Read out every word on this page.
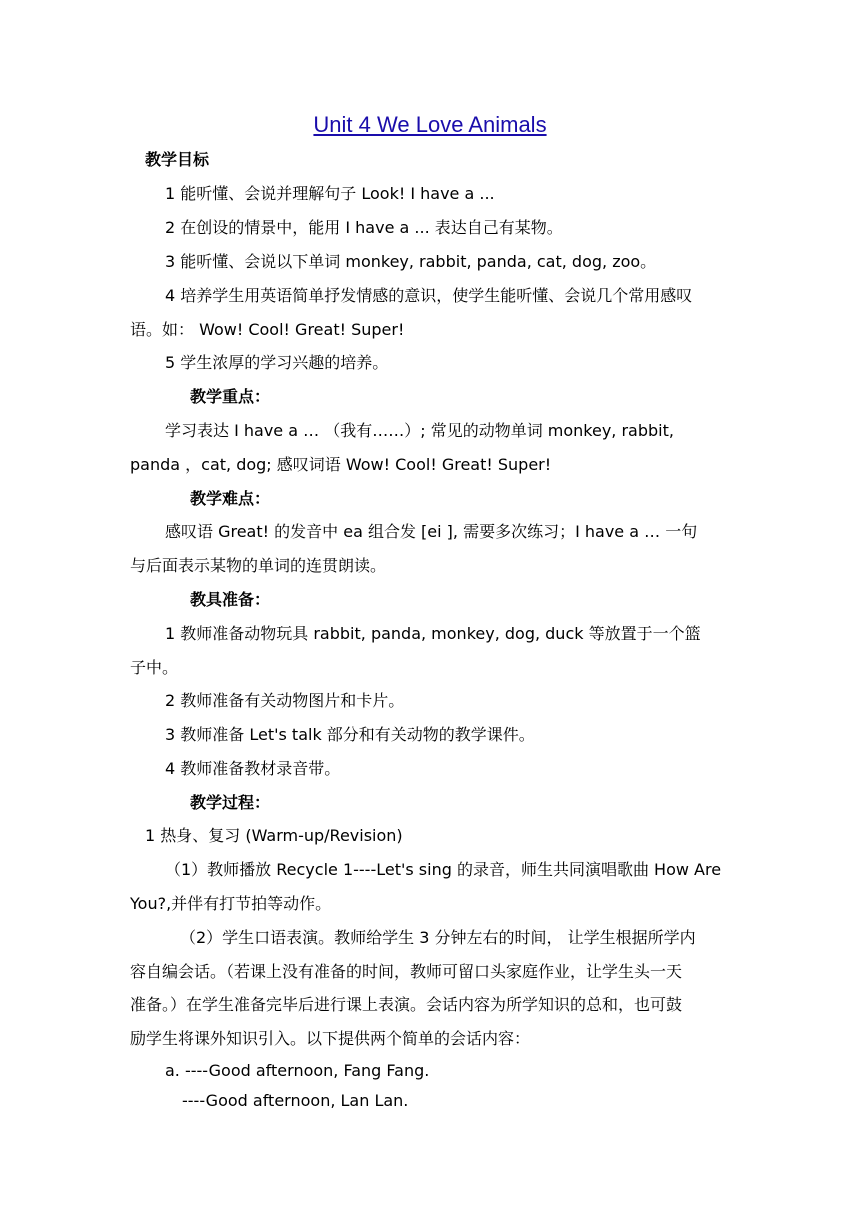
Unit 4 We Love Animals
教学目标
1 能听懂、会说并理解句子 Look! I have a ...
2 在创设的情景中，能用 I have a ... 表达自己有某物。
3 能听懂、会说以下单词 monkey, rabbit, panda, cat, dog, zoo。
4 培养学生用英语简单抒发情感的意识，使学生能听懂、会说几个常用感叹
语。如： Wow! Cool! Great! Super!
5 学生浓厚的学习兴趣的培养。
教学重点：
学习表达 I have a … （我有……）; 常见的动物单词 monkey, rabbit,
panda ，cat, dog; 感叹词语 Wow! Cool! Great! Super!
教学难点：
感叹语 Great! 的发音中 ea 组合发 [ei ], 需要多次练习；I have a … 一句
与后面表示某物的单词的连贯朗读。
教具准备：
1 教师准备动物玩具 rabbit, panda, monkey, dog, duck 等放置于一个篮
子中。
2 教师准备有关动物图片和卡片。
3 教师准备 Let's talk 部分和有关动物的教学课件。
4 教师准备教材录音带。
教学过程：
1 热身、复习 (Warm-up/Revision)
（1）教师播放 Recycle 1----Let's sing 的录音，师生共同演唱歌曲 How Are
You?,并伴有打节拍等动作。
（2）学生口语表演。教师给学生 3 分钟左右的时间， 让学生根据所学内
容自编会话。（若课上没有准备的时间，教师可留口头家庭作业，让学生头一天
准备。）在学生准备完毕后进行课上表演。会话内容为所学知识的总和，也可鼓
励学生将课外知识引入。以下提供两个简单的会话内容：
a. ----Good afternoon, Fang Fang.
----Good afternoon, Lan Lan.
